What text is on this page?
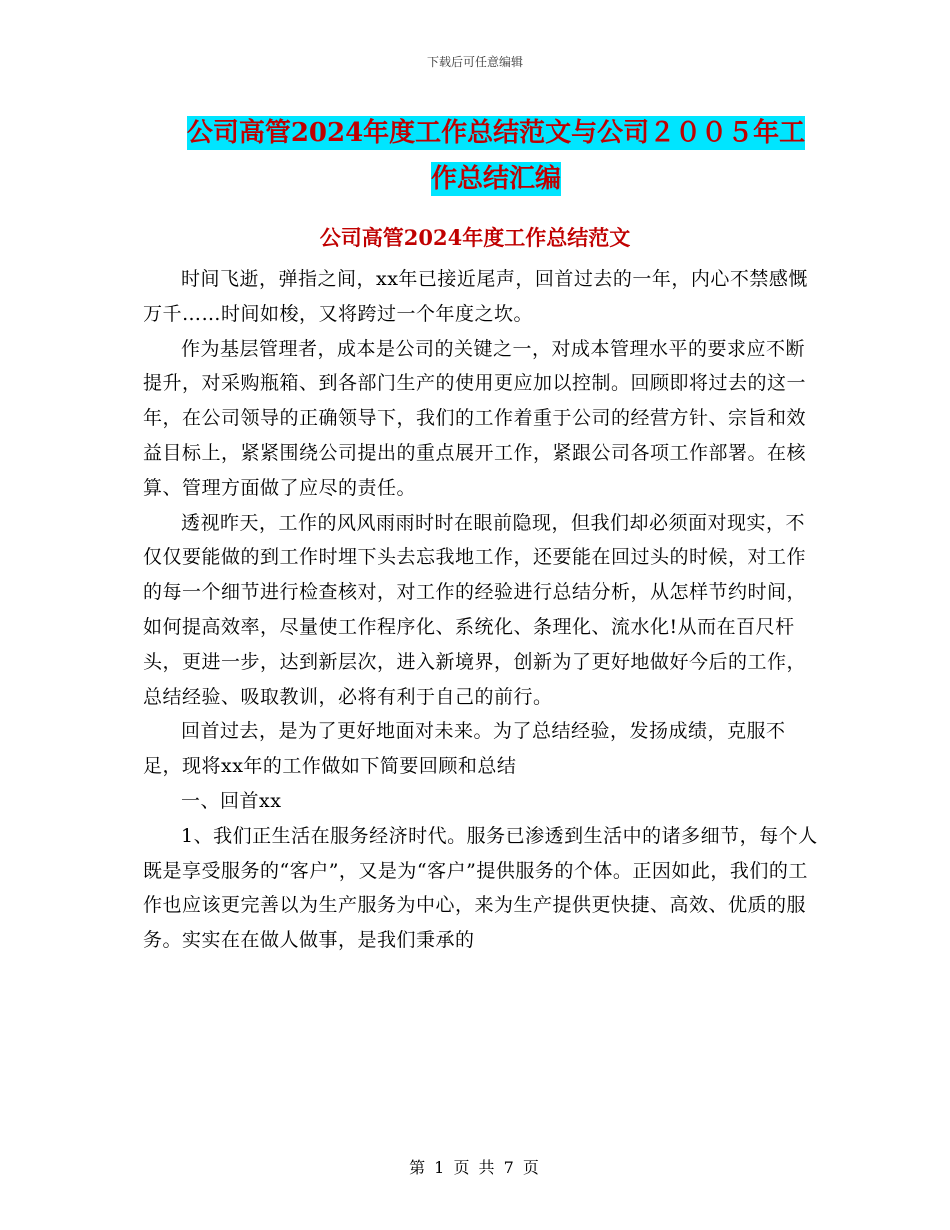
下载后可任意编辑
公司高管2024年度工作总结范文与公司２００５年工
作总结汇编
公司高管2024年度工作总结范文

时间飞逝，弹指之间，xx年已接近尾声，回首过去的一年，内心不禁感慨万千……时间如梭，又将跨过一个年度之坎。

作为基层管理者，成本是公司的关键之一，对成本管理水平的要求应不断提升，对采购瓶箱、到各部门生产的使用更应加以控制。回顾即将过去的这一年，在公司领导的正确领导下，我们的工作着重于公司的经营方针、宗旨和效益目标上，紧紧围绕公司提出的重点展开工作，紧跟公司各项工作部署。在核算、管理方面做了应尽的责任。

透视昨天，工作的风风雨雨时时在眼前隐现，但我们却必须面对现实，不仅仅要能做的到工作时埋下头去忘我地工作，还要能在回过头的时候，对工作的每一个细节进行检查核对，对工作的经验进行总结分析，从怎样节约时间，如何提高效率，尽量使工作程序化、系统化、条理化、流水化!从而在百尺杆头，更进一步，达到新层次，进入新境界，创新为了更好地做好今后的工作，总结经验、吸取教训，必将有利于自己的前行。

回首过去，是为了更好地面对未来。为了总结经验，发扬成绩，克服不足，现将xx年的工作做如下简要回顾和总结

一、回首xx

1、我们正生活在服务经济时代。服务已渗透到生活中的诸多细节，每个人既是享受服务的“客户”，又是为“客户”提供服务的个体。正因如此，我们的工作也应该更完善以为生产服务为中心，来为生产提供更快捷、高效、优质的服务。实实在在做人做事，是我们秉承的

第 1 页 共 7 页
